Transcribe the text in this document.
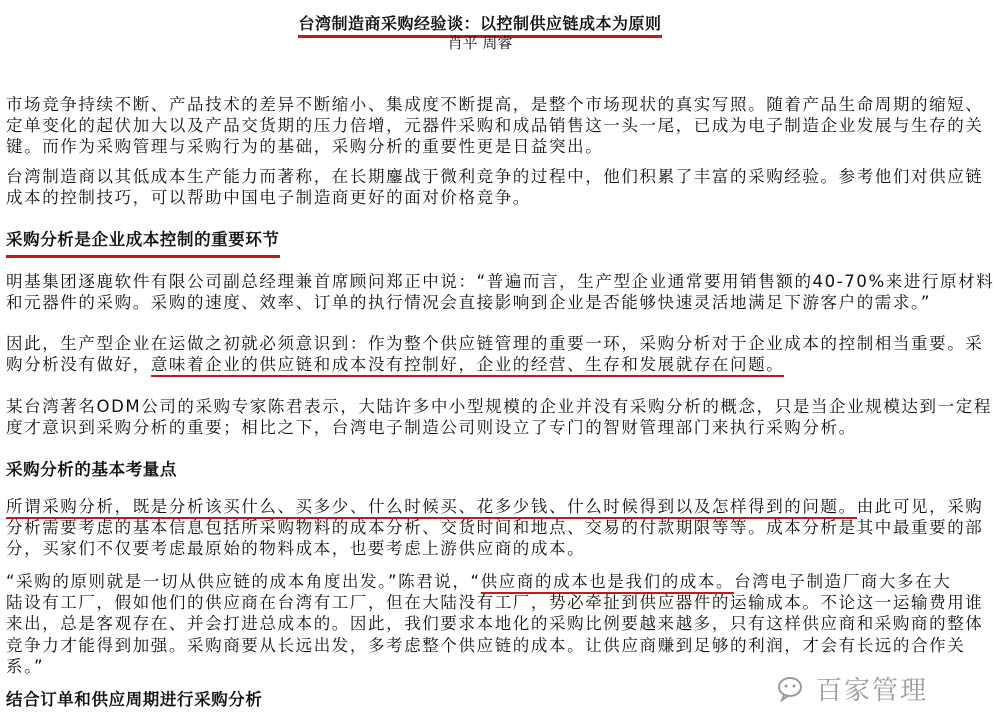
台湾制造商采购经验谈：以控制供应链成本为原则
肖平 周睿
市场竞争持续不断、产品技术的差异不断缩小、集成度不断提高，是整个市场现状的真实写照。随着产品生命周期的缩短、
定单变化的起伏加大以及产品交货期的压力倍增，元器件采购和成品销售这一头一尾，已成为电子制造企业发展与生存的关
键。而作为采购管理与采购行为的基础，采购分析的重要性更是日益突出。
台湾制造商以其低成本生产能力而著称，在长期鏖战于微利竞争的过程中，他们积累了丰富的采购经验。参考他们对供应链
成本的控制技巧，可以帮助中国电子制造商更好的面对价格竞争。
采购分析是企业成本控制的重要环节
明基集团逐鹿软件有限公司副总经理兼首席顾问郑正中说：“普遍而言，生产型企业通常要用销售额的40-70%来进行原材料
和元器件的采购。采购的速度、效率、订单的执行情况会直接影响到企业是否能够快速灵活地满足下游客户的需求。”
因此，生产型企业在运做之初就必须意识到：作为整个供应链管理的重要一环，采购分析对于企业成本的控制相当重要。采
购分析没有做好，意味着企业的供应链和成本没有控制好，企业的经营、生存和发展就存在问题。
某台湾著名ODM公司的采购专家陈君表示，大陆许多中小型规模的企业并没有采购分析的概念，只是当企业规模达到一定程
度才意识到采购分析的重要；相比之下，台湾电子制造公司则设立了专门的智财管理部门来执行采购分析。
采购分析的基本考量点
所谓采购分析，既是分析该买什么、买多少、什么时候买、花多少钱、什么时候得到以及怎样得到的问题。由此可见，采购
分析需要考虑的基本信息包括所采购物料的成本分析、交货时间和地点、交易的付款期限等等。成本分析是其中最重要的部
分，买家们不仅要考虑最原始的物料成本，也要考虑上游供应商的成本。
“采购的原则就是一切从供应链的成本角度出发。”陈君说，“供应商的成本也是我们的成本。台湾电子制造厂商大多在大
陆设有工厂，假如他们的供应商在台湾有工厂，但在大陆没有工厂，势必牵扯到供应器件的运输成本。不论这一运输费用谁
来出，总是客观存在、并会打进总成本的。因此，我们要求本地化的采购比例要越来越多，只有这样供应商和采购商的整体
竞争力才能得到加强。采购商要从长远出发，多考虑整个供应链的成本。让供应商赚到足够的利润，才会有长远的合作关
系。”
结合订单和供应周期进行采购分析	百家管理
